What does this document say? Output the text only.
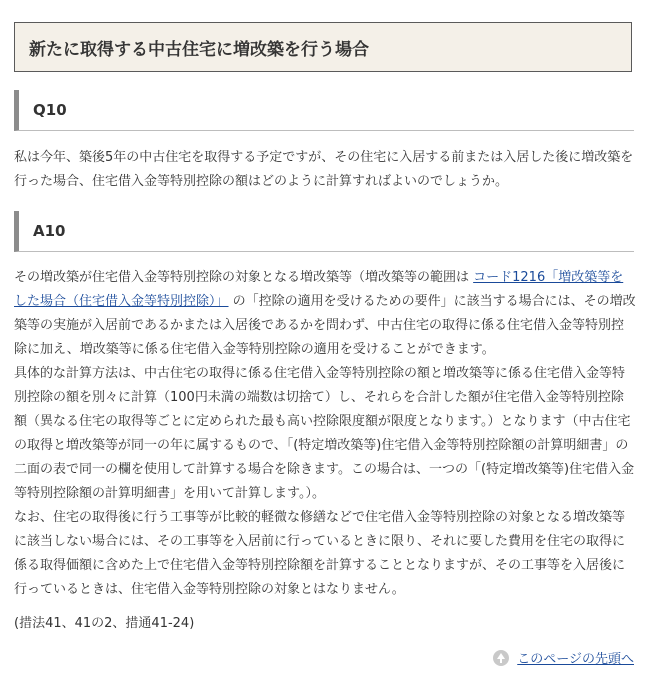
新たに取得する中古住宅に増改築を行う場合
Q10

私は今年、築後5年の中古住宅を取得する予定ですが、その住宅に入居する前または入居した後に増改築を行った場合、住宅借入金等特別控除の額はどのように計算すればよいのでしょうか。

A10

その増改築が住宅借入金等特別控除の対象となる増改築等（増改築等の範囲は コード1216「増改築等をした場合（住宅借入金等特別控除）」 の「控除の適用を受けるための要件」に該当する場合には、その増改築等の実施が入居前であるかまたは入居後であるかを問わず、中古住宅の取得に係る住宅借入金等特別控除に加え、増改築等に係る住宅借入金等特別控除の適用を受けることができます。

具体的な計算方法は、中古住宅の取得に係る住宅借入金等特別控除の額と増改築等に係る住宅借入金等特別控除の額を別々に計算（100円未満の端数は切捨て）し、それらを合計した額が住宅借入金等特別控除額（異なる住宅の取得等ごとに定められた最も高い控除限度額が限度となります。）となります（中古住宅の取得と増改築等が同一の年に属するもので、「(特定増改築等)住宅借入金等特別控除額の計算明細書」の二面の表で同一の欄を使用して計算する場合を除きます。この場合は、一つの「(特定増改築等)住宅借入金等特別控除額の計算明細書」を用いて計算します。）。

なお、住宅の取得後に行う工事等が比較的軽微な修繕などで住宅借入金等特別控除の対象となる増改築等に該当しない場合には、その工事等を入居前に行っているときに限り、それに要した費用を住宅の取得に係る取得価額に含めた上で住宅借入金等特別控除額を計算することとなりますが、その工事等を入居後に行っているときは、住宅借入金等特別控除の対象とはなりません。

(措法41、41の2、措通41-24)

このページの先頭へ
